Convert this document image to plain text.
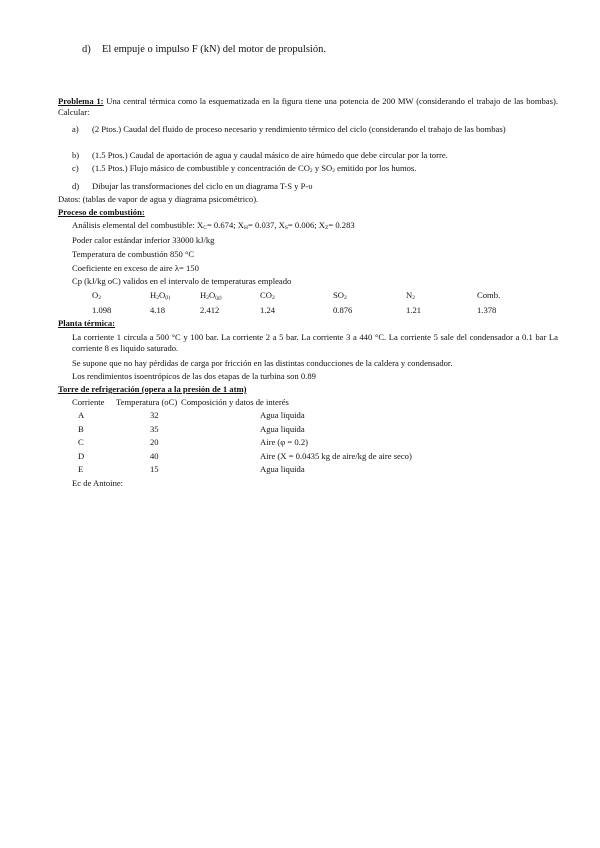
d) El empuje o impulso F (kN) del motor de propulsión.
Problema 1: Una central térmica como la esquematizada en la figura tiene una potencia de 200 MW (considerando el trabajo de las bombas). Calcular:
a) (2 Ptos.) Caudal del fluido de proceso necesario y rendimiento térmico del ciclo (considerando el trabajo de las bombas)
b) (1.5 Ptos.) Caudal de aportación de agua y caudal másico de aire húmedo que debe circular por la torre.
c) (1.5 Ptos.) Flujo másico de combustible y concentración de $CO_2$ y $SO_2$ emitido por los humos.
d) Dibujar las transformaciones del ciclo en un diagrama T-S y P-υ
Datos: (tablas de vapor de agua y diagrama psicométrico).
Proceso de combustión:
Análisis elemental del combustible: $X_C= 0.674$; $X_H= 0.037$, $X_S= 0.006$; $X_Z= 0.283$
Poder calor estándar inferior 33000 kJ/kg
Temperatura de combustión 850 °C
Coeficiente en exceso de aire λ= 150
Cp (kJ/kg oC) validos en el intervalo de temperaturas empleado
$O_2$	$H_2O_{(l)}$	$H_2O_{(g)}$	$CO_2$	$SO_2$	$N_2$	Comb.
1.098	4.18	2.412	1.24	0.876	1.21	1.378
Planta térmica:
La corriente 1 circula a 500 °C y 100 bar. La corriente 2 a 5 bar. La corriente 3 a 440 °C. La corriente 5 sale del condensador a 0.1 bar La corriente 8 es liquido saturado.
Se supone que no hay pérdidas de carga por fricción en las distintas conducciones de la caldera y condensador.
Los rendimientos isoentrópicos de las dos etapas de la turbina son 0.89
Torre de refrigeración (opera a la presión de 1 atm)
Corriente Temperatura (oC) Composición y datos de interés
A	32	Agua liquida
B	35	Agua liquida
C	20	Aire (φ = 0.2)
D	40	Aire (X = 0.0435 kg de aire/kg de aire seco)
E	15	Agua liquida
Ec de Antoine:
